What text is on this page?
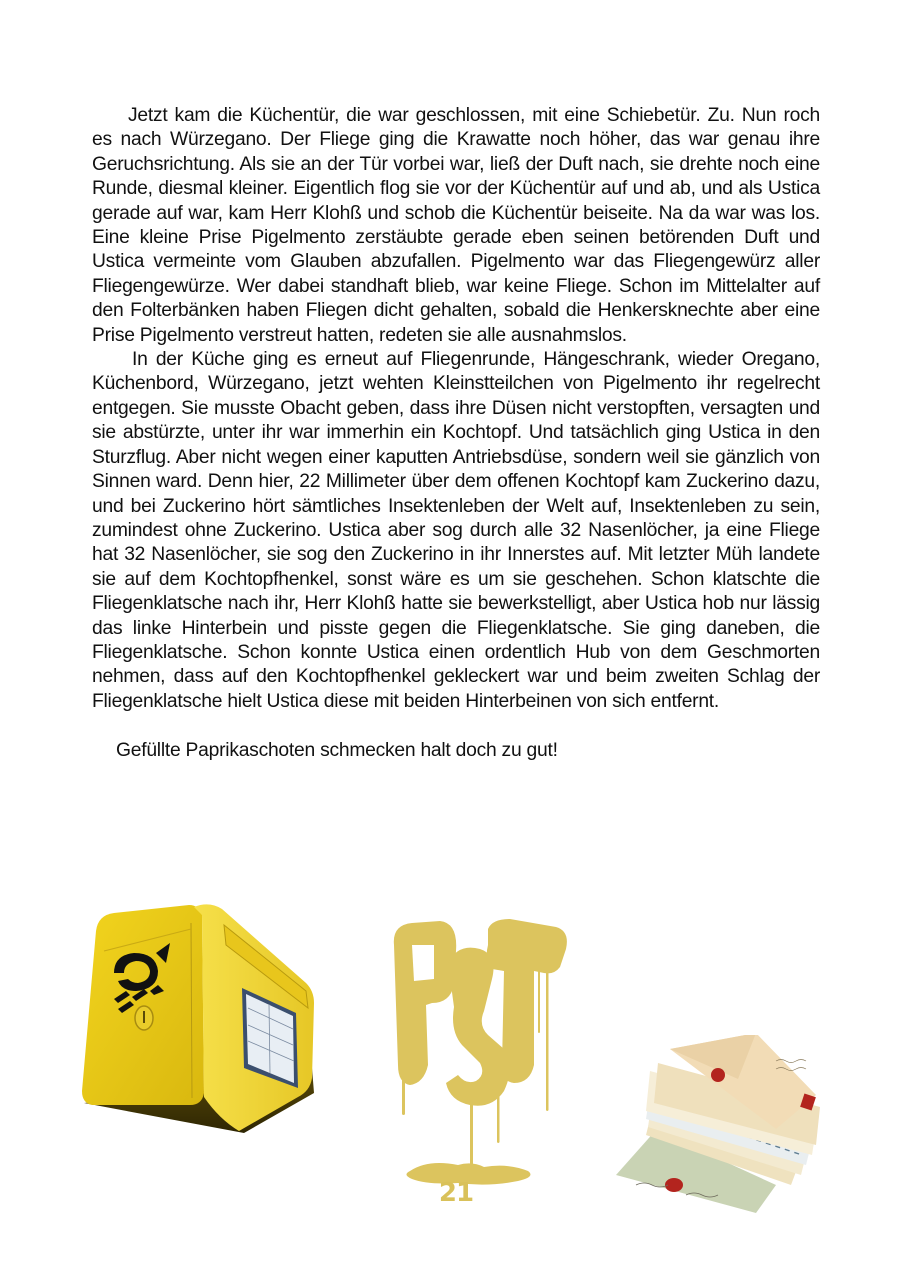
Jetzt kam die Küchentür, die war geschlossen, mit eine Schiebetür. Zu. Nun roch es nach Würzegano. Der Fliege ging die Krawatte noch höher, das war genau ihre Geruchsrichtung. Als sie an der Tür vorbei war, ließ der Duft nach, sie drehte noch eine Runde, diesmal kleiner. Eigentlich flog sie vor der Küchentür auf und ab, und als Ustica gerade auf war, kam Herr Klohß und schob die Küchentür beiseite. Na da war was los. Eine kleine Prise Pigelmento zerstäubte gerade eben seinen betörenden Duft und Ustica vermeinte vom Glauben abzufallen. Pigelmento war das Fliegengewürz aller Fliegengewürze. Wer dabei standhaft blieb, war keine Fliege. Schon im Mittelalter auf den Folterbänken haben Fliegen dicht gehalten, sobald die Henkersknechte aber eine Prise Pigelmento verstreut hatten, redeten sie alle ausnahmslos.

In der Küche ging es erneut auf Fliegenrunde, Hängeschrank, wieder Oregano, Küchenbord, Würzegano, jetzt wehten Kleinstteilchen von Pigelmento ihr regelrecht entgegen. Sie musste Obacht geben, dass ihre Düsen nicht verstopften, versagten und sie abstürzte, unter ihr war immerhin ein Kochtopf. Und tatsächlich ging Ustica in den Sturzflug. Aber nicht wegen einer kaputten Antriebsdüse, sondern weil sie gänzlich von Sinnen ward. Denn hier, 22 Millimeter über dem offenen Kochtopf kam Zuckerino dazu, und bei Zuckerino hört sämtliches Insektenleben der Welt auf, Insektenleben zu sein, zumindest ohne Zuckerino. Ustica aber sog durch alle 32 Nasenlöcher, ja eine Fliege hat 32 Nasenlöcher, sie sog den Zuckerino in ihr Innerstes auf. Mit letzter Müh landete sie auf dem Kochtopfhenkel, sonst wäre es um sie geschehen. Schon klatschte die Fliegenklatsche nach ihr, Herr Klohß hatte sie bewerkstelligt, aber Ustica hob nur lässig das linke Hinterbein und pisste gegen die Fliegenklatsche. Sie ging daneben, die Fliegenklatsche. Schon konnte Ustica einen ordentlich Hub von dem Geschmorten nehmen, dass auf den Kochtopfhenkel gekleckert war und beim zweiten Schlag der Fliegenklatsche hielt Ustica diese mit beiden Hinterbeinen von sich entfernt.

Gefüllte Paprikaschoten schmecken halt doch zu gut!

21
